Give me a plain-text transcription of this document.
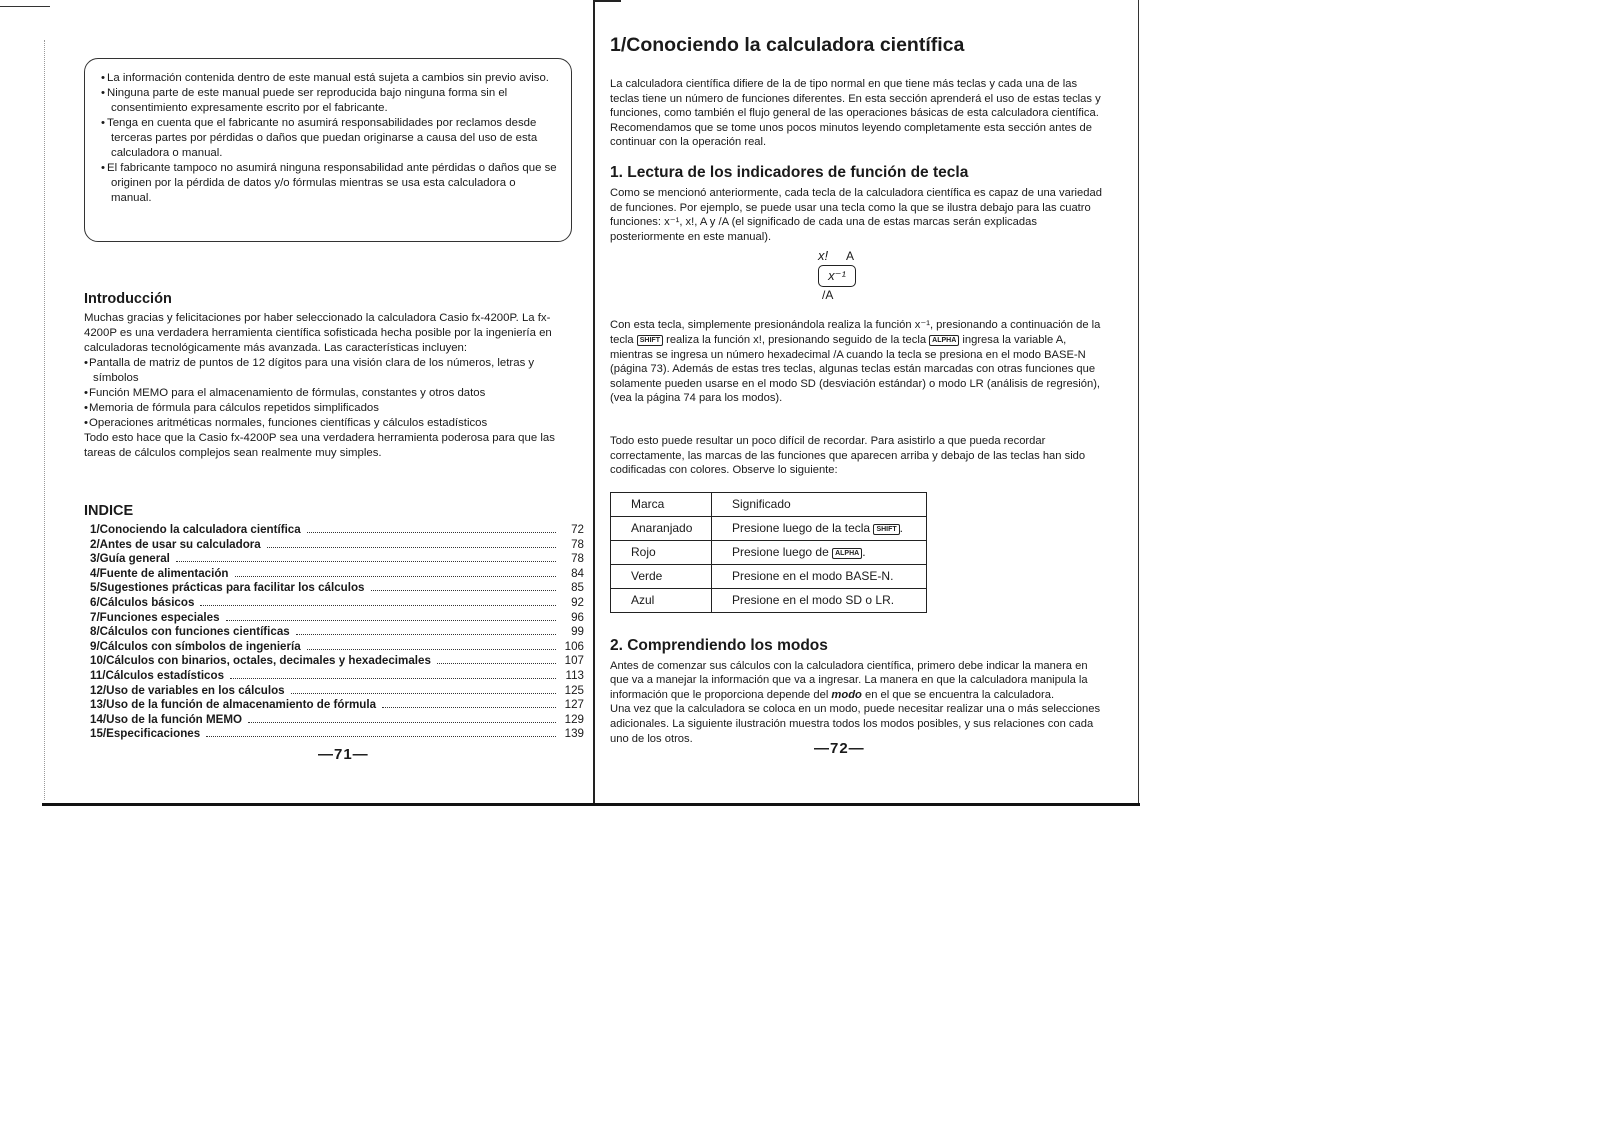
• La información contenida dentro de este manual está sujeta a cambios sin previo aviso.

• Ninguna parte de este manual puede ser reproducida bajo ninguna forma sin el consentimiento expresamente escrito por el fabricante.

• Tenga en cuenta que el fabricante no asumirá responsabilidades por reclamos desde terceras partes por pérdidas o daños que puedan originarse a causa del uso de esta calculadora o manual.

• El fabricante tampoco no asumirá ninguna responsabilidad ante pérdidas o daños que se originen por la pérdida de datos y/o fórmulas mientras se usa esta calculadora o manual.

Introducción

Muchas gracias y felicitaciones por haber seleccionado la calculadora Casio fx-4200P. La fx-4200P es una verdadera herramienta científica sofisticada hecha posible por la ingeniería en calculadoras tecnológicamente más avanzada. Las características incluyen:

• Pantalla de matriz de puntos de 12 dígitos para una visión clara de los números, letras y símbolos

• Función MEMO para el almacenamiento de fórmulas, constantes y otros datos

• Memoria de fórmula para cálculos repetidos simplificados

• Operaciones aritméticas normales, funciones científicas y cálculos estadísticos

Todo esto hace que la Casio fx-4200P sea una verdadera herramienta poderosa para que las tareas de cálculos complejos sean realmente muy simples.

INDICE
1/Conociendo la calculadora científica	72
2/Antes de usar su calculadora	78
3/Guía general	78
4/Fuente de alimentación	84
5/Sugestiones prácticas para facilitar los cálculos	85
6/Cálculos básicos	92
7/Funciones especiales	96
8/Cálculos con funciones científicas	99
9/Cálculos con símbolos de ingeniería	106
10/Cálculos con binarios, octales, decimales y hexadecimales	107
11/Cálculos estadísticos	113
12/Uso de variables en los cálculos	125
13/Uso de la función de almacenamiento de fórmula	127
14/Uso de la función MEMO	129
15/Especificaciones	139
—71—
1/Conociendo la calculadora científica

La calculadora científica difiere de la de tipo normal en que tiene más teclas y cada una de las teclas tiene un número de funciones diferentes. En esta sección aprenderá el uso de estas teclas y funciones, como también el flujo general de las operaciones básicas de esta calculadora científica. Recomendamos que se tome unos pocos minutos leyendo completamente esta sección antes de continuar con la operación real.

1. Lectura de los indicadores de función de tecla

Como se mencionó anteriormente, cada tecla de la calculadora científica es capaz de una variedad de funciones. Por ejemplo, se puede usar una tecla como la que se ilustra debajo para las cuatro funciones: x⁻¹, x!, A y /A (el significado de cada una de estas marcas serán explicadas posteriormente en este manual).

x! A
x⁻¹
/A

Con esta tecla, simplemente presionándola realiza la función x⁻¹, presionando a continuación de la tecla SHIFT realiza la función x!, presionando seguido de la tecla ALPHA ingresa la variable A, mientras se ingresa un número hexadecimal /A cuando la tecla se presiona en el modo BASE-N (página 73). Además de estas tres teclas, algunas teclas están marcadas con otras funciones que solamente pueden usarse en el modo SD (desviación estándar) o modo LR (análisis de regresión), (vea la página 74 para los modos).

Todo esto puede resultar un poco difícil de recordar. Para asistirlo a que pueda recordar correctamente, las marcas de las funciones que aparecen arriba y debajo de las teclas han sido codificadas con colores. Observe lo siguiente:

Marca	Significado
Anaranjado	Presione luego de la tecla SHIFT .
Rojo	Presione luego de ALPHA .
Verde	Presione en el modo BASE-N.
Azul	Presione en el modo SD o LR.
2. Comprendiendo los modos

Antes de comenzar sus cálculos con la calculadora científica, primero debe indicar la manera en que va a manejar la información que va a ingresar. La manera en que la calculadora manipula la información que le proporciona depende del modo en el que se encuentra la calculadora.

Una vez que la calculadora se coloca en un modo, puede necesitar realizar una o más selecciones adicionales. La siguiente ilustración muestra todos los modos posibles, y sus relaciones con cada uno de los otros.

—72—
